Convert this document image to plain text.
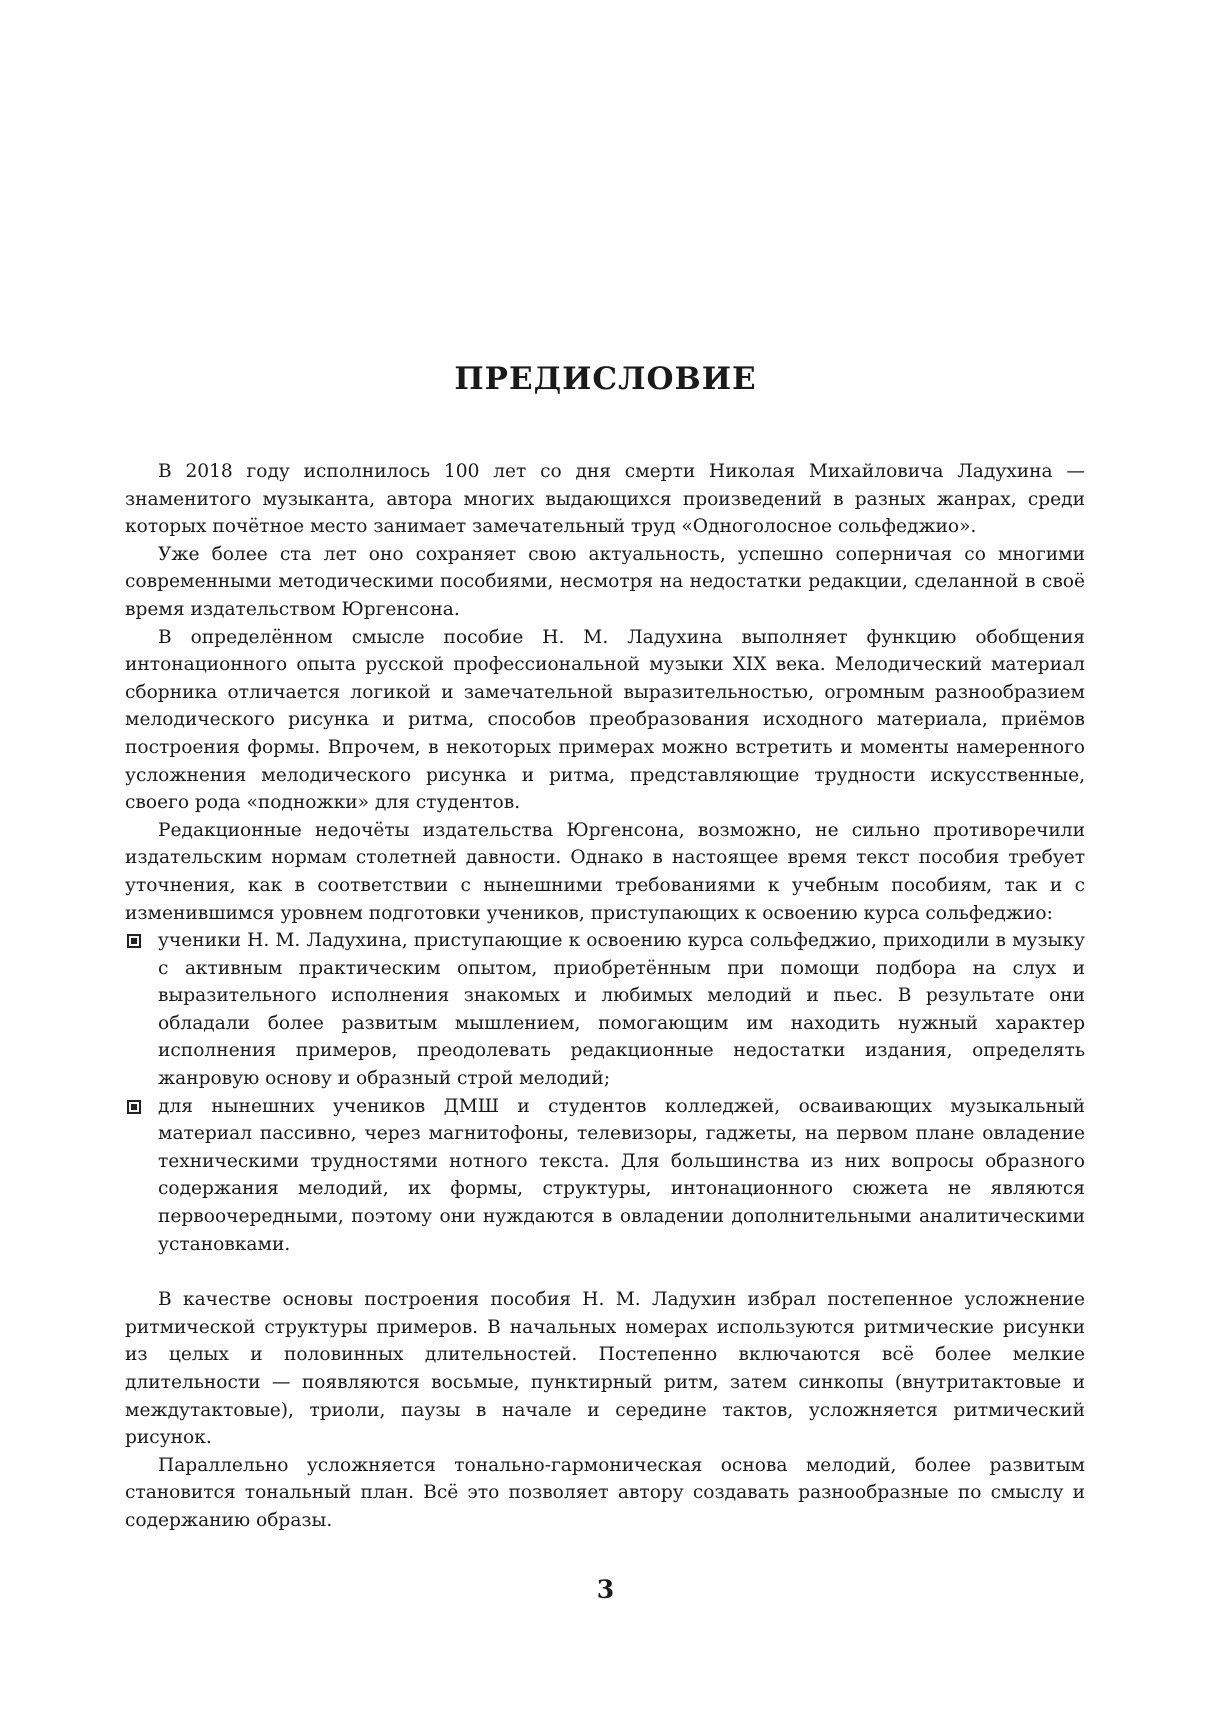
ПРЕДИСЛОВИЕ

В 2018 году исполнилось 100 лет со дня смерти Николая Михайловича Ладухина — знаменитого музыканта, автора многих выдающихся произведений в разных жанрах, среди которых почётное место занимает замечательный труд «Одноголосное сольфеджио».

Уже более ста лет оно сохраняет свою актуальность, успешно соперничая со многими современными методическими пособиями, несмотря на недостатки редакции, сделанной в своё время издательством Юргенсона.

В определённом смысле пособие Н. М. Ладухина выполняет функцию обобщения интонационного опыта русской профессиональной музыки XIX века. Мелодический материал сборника отличается логикой и замечательной выразительностью, огромным разнообразием мелодического рисунка и ритма, способов преобразования исходного материала, приёмов построения формы. Впрочем, в некоторых примерах можно встретить и моменты намеренного усложнения мелодического рисунка и ритма, представляющие трудности искусственные, своего рода «подножки» для студентов.

Редакционные недочёты издательства Юргенсона, возможно, не сильно противоречили издательским нормам столетней давности. Однако в настоящее время текст пособия требует уточнения, как в соответствии с нынешними требованиями к учебным пособиям, так и с изменившимся уровнем подготовки учеников, приступающих к освоению курса сольфеджио:

ученики Н. М. Ладухина, приступающие к освоению курса сольфеджио, приходили в музыку с активным практическим опытом, приобретённым при помощи подбора на слух и выразительного исполнения знакомых и любимых мелодий и пьес. В результате они обладали более развитым мышлением, помогающим им находить нужный характер исполнения примеров, преодолевать редакционные недостатки издания, определять жанровую основу и образный строй мелодий;
для нынешних учеников ДМШ и студентов колледжей, осваивающих музыкальный материал пассивно, через магнитофоны, телевизоры, гаджеты, на первом плане овладение техническими трудностями нотного текста. Для большинства из них вопросы образного содержания мелодий, их формы, структуры, интонационного сюжета не являются первоочередными, поэтому они нуждаются в овладении дополнительными аналитическими установками.

В качестве основы построения пособия Н. М. Ладухин избрал постепенное усложнение ритмической структуры примеров. В начальных номерах используются ритмические рисунки из целых и половинных длительностей. Постепенно включаются всё более мелкие длительности — появляются восьмые, пунктирный ритм, затем синкопы (внутритактовые и междутактовые), триоли, паузы в начале и середине тактов, усложняется ритмический рисунок.

Параллельно усложняется тонально-гармоническая основа мелодий, более развитым становится тональный план. Всё это позволяет автору создавать разнообразные по смыслу и содержанию образы.

3
